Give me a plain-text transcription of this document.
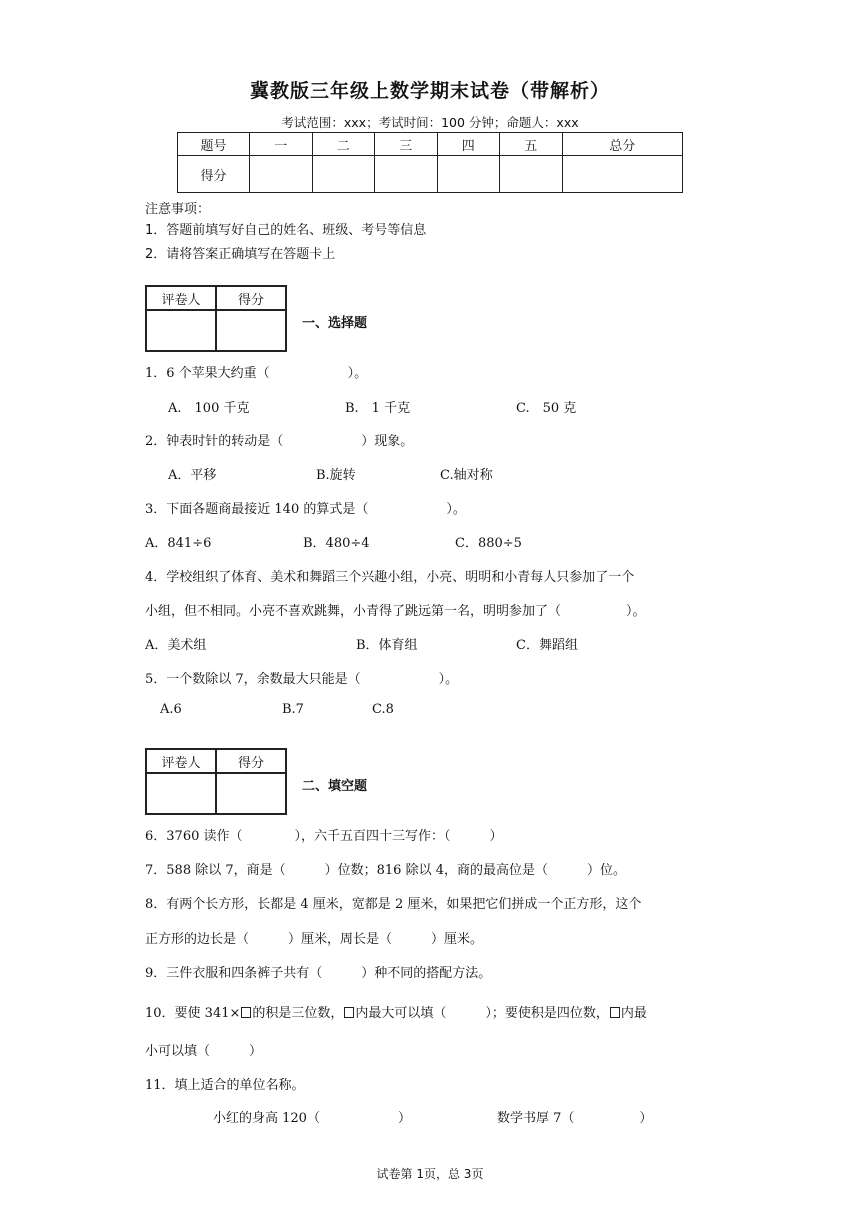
冀教版三年级上数学期末试卷（带解析）
考试范围：xxx；考试时间：100 分钟；命题人：xxx
题号	一	二	三	四	五	总分
得分						
注意事项：
1．答题前填写好自己的姓名、班级、考号等信息
2．请将答案正确填写在答题卡上
评卷人	得分

一、选择题
1．6 个苹果大约重（　　　　　　）。
A.　100 千克	B.　1 千克	C.　50 克
2．钟表时针的转动是（　　　　　　）现象。
A．平移	B.旋转	C.轴对称
3．下面各题商最接近 140 的算式是（　　　　　　）。
A．841÷6	B．480÷4	C．880÷5
4．学校组织了体育、美术和舞蹈三个兴趣小组，小亮、明明和小青每人只参加了一个
小组，但不相同。小亮不喜欢跳舞，小青得了跳远第一名，明明参加了（　　　　　）。
A．美术组	B．体育组	C．舞蹈组
5．一个数除以 7，余数最大只能是（　　　　　　）。
A.6	B.7	C.8
评卷人	得分

二、填空题
6．3760 读作（　　　　），六千五百四十三写作：（　　　）
7．588 除以 7，商是（　　　）位数；816 除以 4，商的最高位是（　　　）位。
8．有两个长方形，长都是 4 厘米，宽都是 2 厘米，如果把它们拼成一个正方形，这个
正方形的边长是（　　　）厘米，周长是（　　　）厘米。
9．三件衣服和四条裤子共有（　　　）种不同的搭配方法。
10．要使 341× 的积是三位数， 内最大可以填（　　　）；要使积是四位数， 内最
小可以填（　　　）
11．填上适合的单位名称。
小红的身高 120（　　　　　　）	数学书厚 7（　　　　　）
试卷第 1页，总 3页
